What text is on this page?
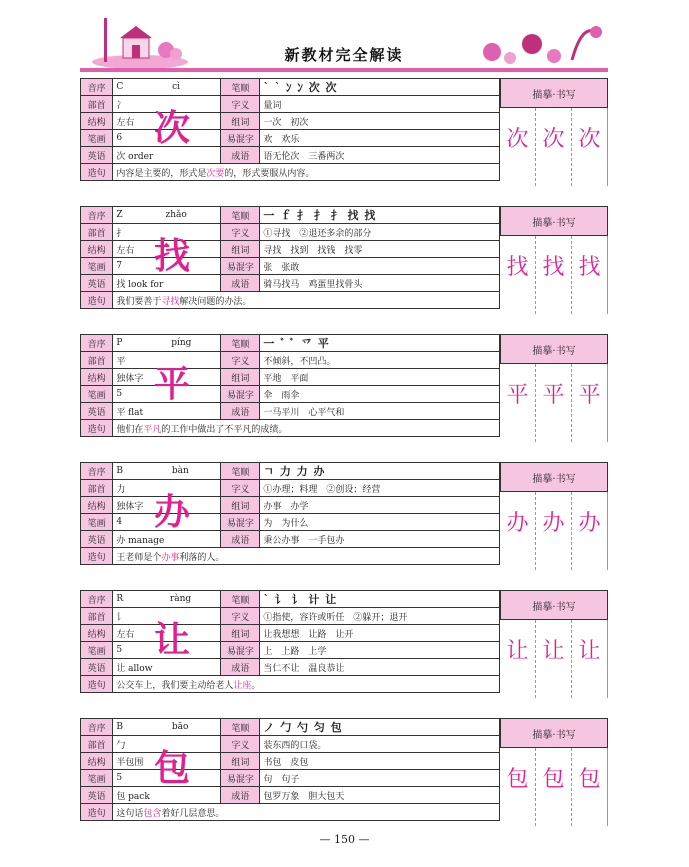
新教材完全解读
音序	C cì	笔顺	` ` ﾝ ﾝ 次 次
部首	冫	字义	量词
结构	左右	组词	一次　初次
笔画	6	易混字	欢　欢乐
英语	次 order	成语	语无伦次　三番两次
造句	内容是主要的，形式是次要的，形式要服从内容。		
次
描摹·书写
次 次 次
音序	Z zhǎo	笔顺	一 ｆ 扌 扌 扌 找 找
部首	扌	字义	①寻找　②退还多余的部分
结构	左右	组词	寻找　找到　找钱　找零
笔画	7	易混字	张　张敢
英语	找 look for	成语	骑马找马　鸡蛋里找骨头
造句	我们要善于寻找解决问题的办法。		
找
描摹·书写
找 找 找
音序	P píng	笔顺	一 ﾞ ﾞ 乊 平
部首	平	字义	不倾斜，不凹凸。
结构	独体字	组词	平地　平面
笔画	5	易混字	伞　雨伞
英语	平 flat	成语	一马平川　心平气和
造句	他们在平凡的工作中做出了不平凡的成绩。		
平
描摹·书写
平 平 平
音序	B bàn	笔顺	ㄱ 力 力 办
部首	力	字义	①办理；料理　②创设；经营
结构	独体字	组词	办事　办学
笔画	4	易混字	为　为什么
英语	办 manage	成语	秉公办事　一手包办
造句	王老师是个办事利落的人。		
办
描摹·书写
办 办 办
音序	R ràng	笔顺	` 讠 讠 计 让
部首	讠	字义	①指使，容许或听任　②躲开；退开
结构	左右	组词	让我想想　让路　让开
笔画	5	易混字	上　上路　上学
英语	让 allow	成语	当仁不让　温良恭让
造句	公交车上，我们要主动给老人让座。		
让
描摹·书写
让 让 让
音序	B bāo	笔顺	ノ 勹 勺 匀 包
部首	勹	字义	装东西的口袋。
结构	半包围	组词	书包　皮包
笔画	5	易混字	句　句子
英语	包 pack	成语	包罗万象　胆大包天
造句	这句话包含着好几层意思。		
包
描摹·书写
包 包 包
— 150 —
